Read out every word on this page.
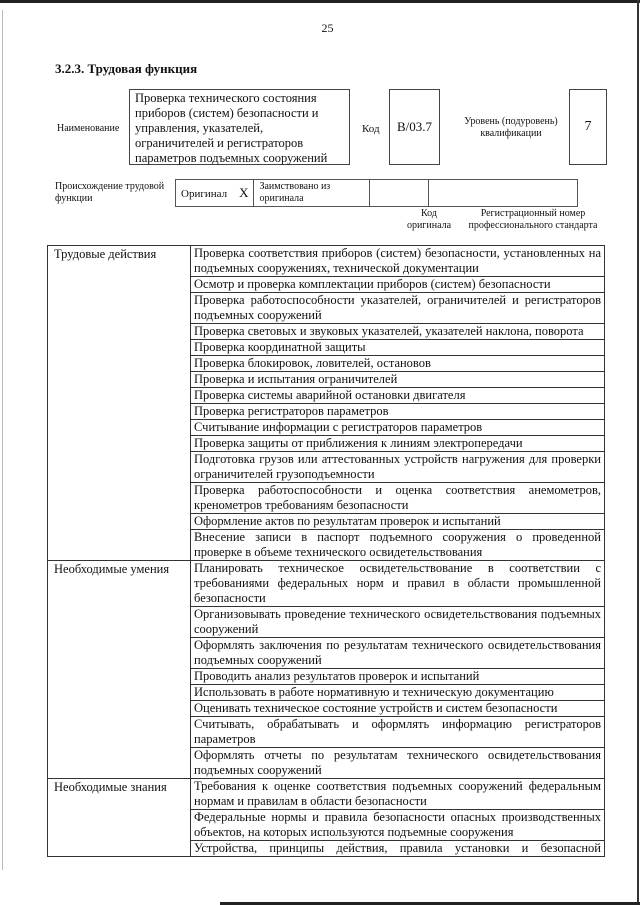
25
3.2.3. Трудовая функция
Наименование
Проверка технического состояния приборов (систем) безопасности и управления, указателей, ограничителей и регистраторов параметров подъемных сооружений
Код	В/03.7	Уровень (подуровень) квалификации	7
Происхождение трудовой функции	Оригинал X	Заимствовано из оригинала		
Код оригинала
Регистрационный номер профессионального стандарта
Трудовые действия	Проверка соответствия приборов (систем) безопасности, установленных на подъемных сооружениях, технической документации
	Осмотр и проверка комплектации приборов (систем) безопасности
	Проверка работоспособности указателей, ограничителей и регистраторов подъемных сооружений
	Проверка световых и звуковых указателей, указателей наклона, поворота
	Проверка координатной защиты
	Проверка блокировок, ловителей, остановов
	Проверка и испытания ограничителей
	Проверка системы аварийной остановки двигателя
	Проверка регистраторов параметров
	Считывание информации с регистраторов параметров
	Проверка защиты от приближения к линиям электропередачи
	Подготовка грузов или аттестованных устройств нагружения для проверки ограничителей грузоподъемности
	Проверка работоспособности и оценка соответствия анемометров, кренометров требованиям безопасности
	Оформление актов по результатам проверок и испытаний
	Внесение записи в паспорт подъемного сооружения о проведенной проверке в объеме технического освидетельствования
Необходимые умения	Планировать техническое освидетельствование в соответствии с требованиями федеральных норм и правил в области промышленной безопасности
	Организовывать проведение технического освидетельствования подъемных сооружений
	Оформлять заключения по результатам технического освидетельствования подъемных сооружений
	Проводить анализ результатов проверок и испытаний
	Использовать в работе нормативную и техническую документацию
	Оценивать техническое состояние устройств и систем безопасности
	Считывать, обрабатывать и оформлять информацию регистраторов параметров
	Оформлять отчеты по результатам технического освидетельствования подъемных сооружений
Необходимые знания	Требования к оценке соответствия подъемных сооружений федеральным нормам и правилам в области безопасности
	Федеральные нормы и правила безопасности опасных производственных объектов, на которых используются подъемные сооружения
	Устройства, принципы действия, правила установки и безопасной
